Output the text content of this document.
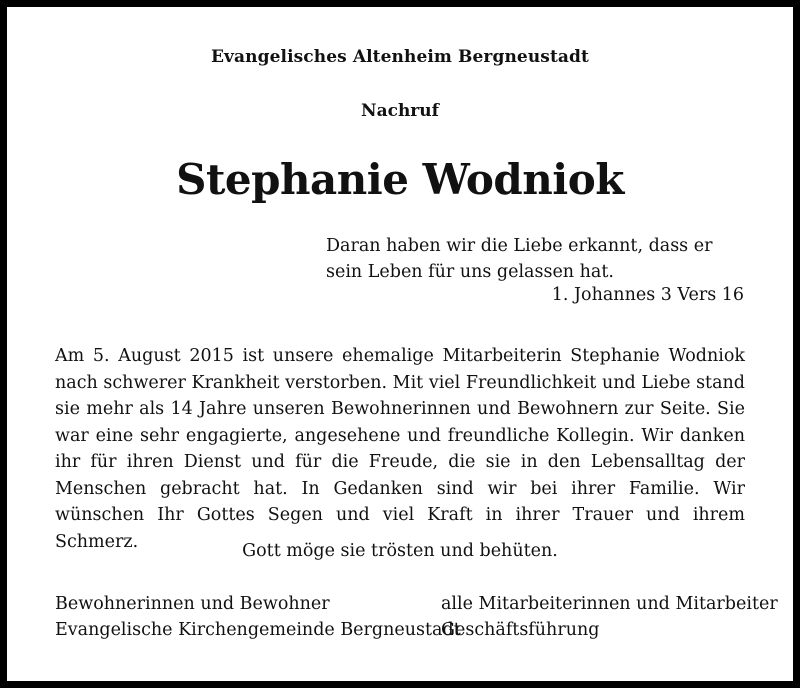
Evangelisches Altenheim Bergneustadt
Nachruf
Stephanie Wodniok
Daran haben wir die Liebe erkannt, dass er
sein Leben für uns gelassen hat.
1. Johannes 3 Vers 16
Am 5. August 2015 ist unsere ehemalige Mitarbeiterin Stephanie Wodniok
nach schwerer Krankheit verstorben. Mit viel Freundlichkeit und Liebe stand
sie mehr als 14 Jahre unseren Bewohnerinnen und Bewohnern zur Seite. Sie
war eine sehr engagierte, angesehene und freundliche Kollegin. Wir danken
ihr für ihren Dienst und für die Freude, die sie in den Lebensalltag der
Menschen gebracht hat. In Gedanken sind wir bei ihrer Familie. Wir
wünschen Ihr Gottes Segen und viel Kraft in ihrer Trauer und ihrem Schmerz.	Gott möge sie trösten und behüten.
Bewohnerinnen und Bewohner
Evangelische Kirchengemeinde Bergneustadt
alle Mitarbeiterinnen und Mitarbeiter
Geschäftsführung
